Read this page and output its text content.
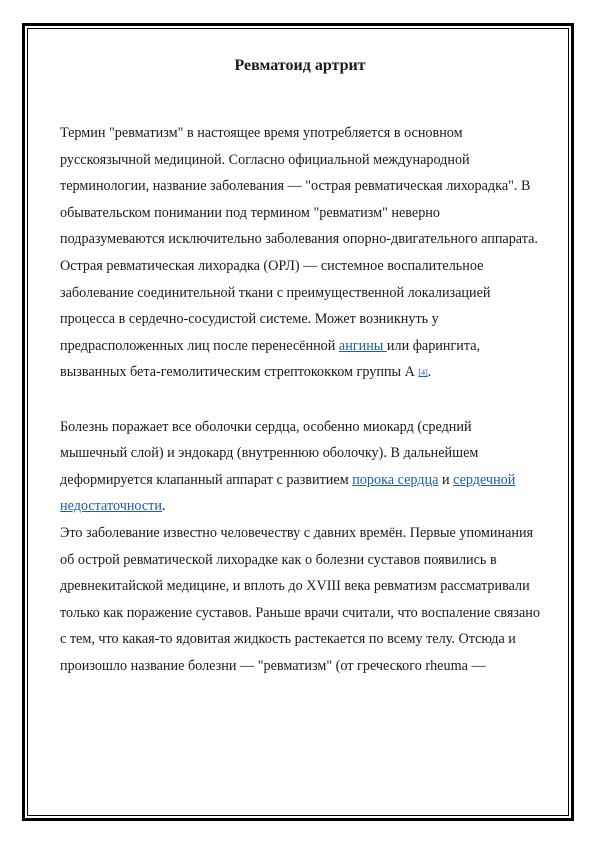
Ревматоид артрит

Термин "ревматизм" в настоящее время употребляется в основном русскоязычной медициной. Согласно официальной международной терминологии, название заболевания — "острая ревматическая лихорадка". В обывательском понимании под термином "ревматизм" неверно подразумеваются исключительно заболевания опорно-двигательного аппарата.

Острая ревматическая лихорадка (ОРЛ) — системное воспалительное заболевание соединительной ткани с преимущественной локализацией процесса в сердечно-сосудистой системе. Может возникнуть у предрасположенных лиц после перенесённой ангины или фарингита, вызванных бета-гемолитическим стрептококком группы А [4].

Болезнь поражает все оболочки сердца, особенно миокард (средний мышечный слой) и эндокард (внутреннюю оболочку). В дальнейшем деформируется клапанный аппарат с развитием порока сердца и сердечной недостаточности.

Это заболевание известно человечеству с давних времён. Первые упоминания об острой ревматической лихорадке как о болезни суставов появились в древнекитайской медицине, и вплоть до XVIII века ревматизм рассматривали только как поражение суставов. Раньше врачи считали, что воспаление связано с тем, что какая-то ядовитая жидкость растекается по всему телу. Отсюда и произошло название болезни — "ревматизм" (от греческого rheuma —
